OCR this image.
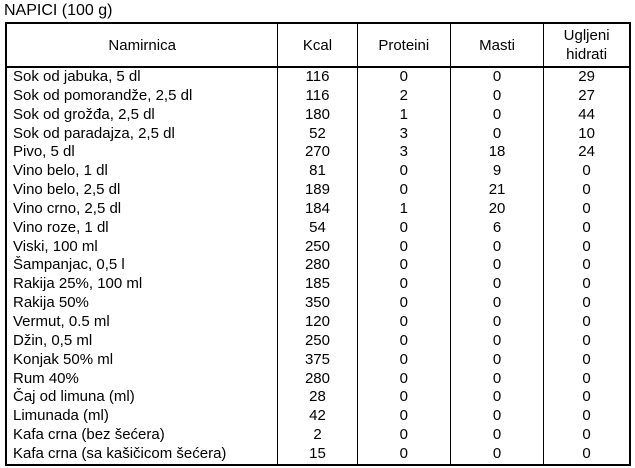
NAPICI (100 g)
Namirnica	Kcal	Proteini	Masti	Ugljeni hidrati
Sok od jabuka, 5 dl	116	0	0	29
Sok od pomorandže, 2,5 dl	116	2	0	27
Sok od grožđa, 2,5 dl	180	1	0	44
Sok od paradajza, 2,5 dl	52	3	0	10
Pivo, 5 dl	270	3	18	24
Vino belo, 1 dl	81	0	9	0
Vino belo, 2,5 dl	189	0	21	0
Vino crno, 2,5 dl	184	1	20	0
Vino roze, 1 dl	54	0	6	0
Viski, 100 ml	250	0	0	0
Šampanjac, 0,5 l	280	0	0	0
Rakija 25%, 100 ml	185	0	0	0
Rakija 50%	350	0	0	0
Vermut, 0.5 ml	120	0	0	0
Džin, 0,5 ml	250	0	0	0
Konjak 50% ml	375	0	0	0
Rum 40%	280	0	0	0
Čaj od limuna (ml)	28	0	0	0
Limunada (ml)	42	0	0	0
Kafa crna (bez šećera)	2	0	0	0
Kafa crna (sa kašičicom šećera)	15	0	0	0
